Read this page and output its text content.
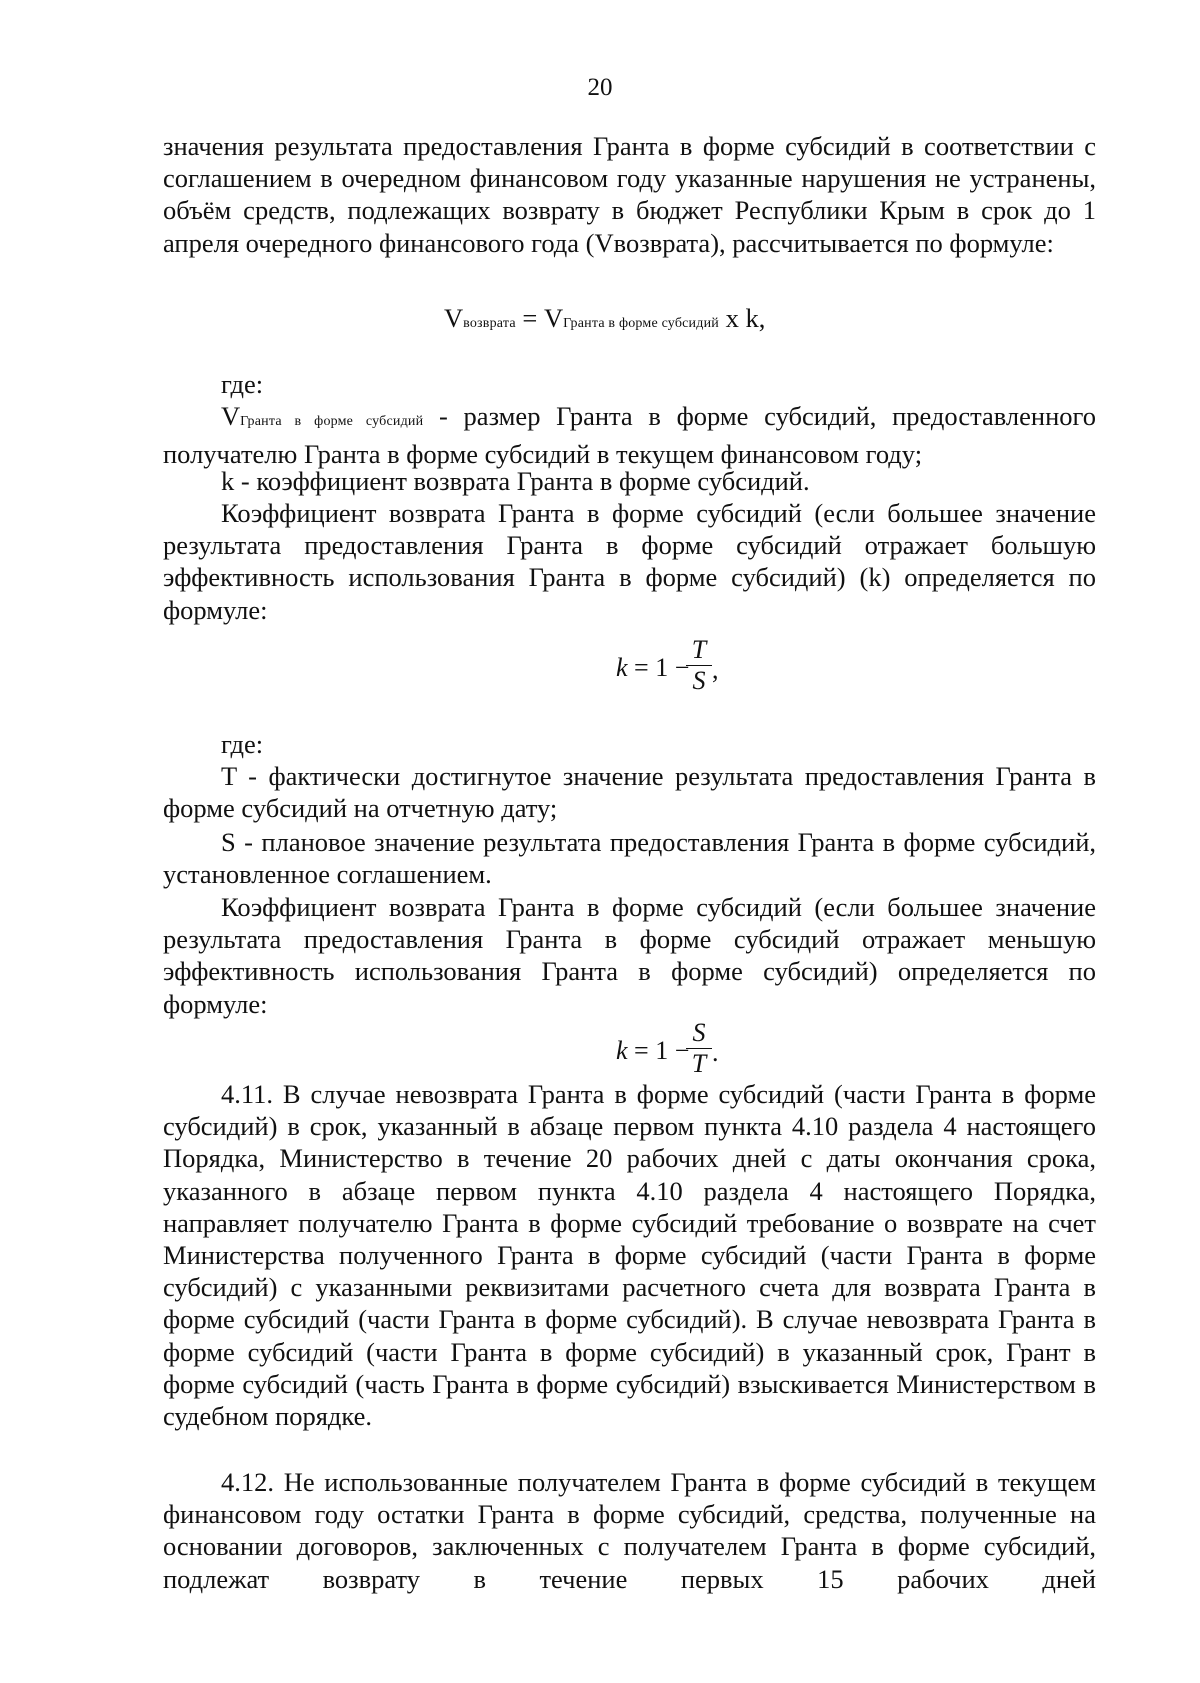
20

значения результата предоставления Гранта в форме субсидий в соответствии с соглашением в очередном финансовом году указанные нарушения не устранены, объём средств, подлежащих возврату в бюджет Республики Крым в срок до 1 апреля очередного финансового года (Vвозврата), рассчитывается по формуле:

Vвозврата = VГранта в форме субсидий x k,
где:

VГранта в форме субсидий - размер Гранта в форме субсидий, предоставленного получателю Гранта в форме субсидий в текущем финансовом году;

k - коэффициент возврата Гранта в форме субсидий.

Коэффициент возврата Гранта в форме субсидий (если большее значение результата предоставления Гранта в форме субсидий отражает большую эффективность использования Гранта в форме субсидий) (k) определяется по формуле:

k = 1 −
T
S ,
где:

T - фактически достигнутое значение результата предоставления Гранта в форме субсидий на отчетную дату;

S - плановое значение результата предоставления Гранта в форме субсидий, установленное соглашением.

Коэффициент возврата Гранта в форме субсидий (если большее значение результата предоставления Гранта в форме субсидий отражает меньшую эффективность использования Гранта в форме субсидий) определяется по формуле:

k = 1 −
S
T .

4.11. В случае невозврата Гранта в форме субсидий (части Гранта в форме субсидий) в срок, указанный в абзаце первом пункта 4.10 раздела 4 настоящего Порядка, Министерство в течение 20 рабочих дней с даты окончания срока, указанного в абзаце первом пункта 4.10 раздела 4 настоящего Порядка, направляет получателю Гранта в форме субсидий требование о возврате на счет Министерства полученного Гранта в форме субсидий (части Гранта в форме субсидий) с указанными реквизитами расчетного счета для возврата Гранта в форме субсидий (части Гранта в форме субсидий). В случае невозврата Гранта в форме субсидий (части Гранта в форме субсидий) в указанный срок, Грант в форме субсидий (часть Гранта в форме субсидий) взыскивается Министерством в судебном порядке.

4.12. Не использованные получателем Гранта в форме субсидий в текущем финансовом году остатки Гранта в форме субсидий, средства, полученные на основании договоров, заключенных с получателем Гранта в форме субсидий, подлежат возврату в течение первых 15 рабочих дней
